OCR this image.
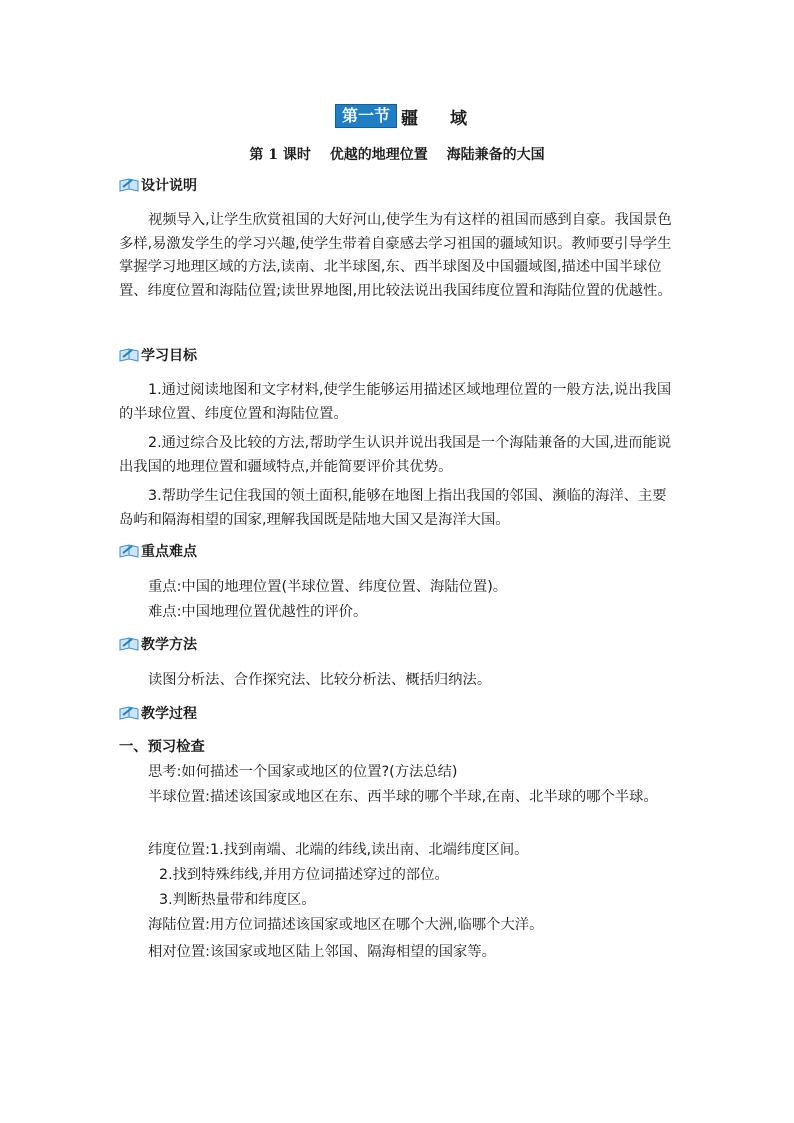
第一节 疆域
第 1 课时 优越的地理位置 海陆兼备的大国
设计说明

视频导入,让学生欣赏祖国的大好河山,使学生为有这样的祖国而感到自豪。我国景色多样,易激发学生的学习兴趣,使学生带着自豪感去学习祖国的疆域知识。教师要引导学生掌握学习地理区域的方法,读南、北半球图,东、西半球图及中国疆域图,描述中国半球位置、纬度位置和海陆位置;读世界地图,用比较法说出我国纬度位置和海陆位置的优越性。

学习目标

1.通过阅读地图和文字材料,使学生能够运用描述区域地理位置的一般方法,说出我国的半球位置、纬度位置和海陆位置。

2.通过综合及比较的方法,帮助学生认识并说出我国是一个海陆兼备的大国,进而能说出我国的地理位置和疆域特点,并能简要评价其优势。

3.帮助学生记住我国的领土面积,能够在地图上指出我国的邻国、濒临的海洋、主要岛屿和隔海相望的国家,理解我国既是陆地大国又是海洋大国。

重点难点
重点:中国的地理位置(半球位置、纬度位置、海陆位置)。
难点:中国地理位置优越性的评价。
教学方法
读图分析法、合作探究法、比较分析法、概括归纳法。
教学过程
一、预习检查
思考:如何描述一个国家或地区的位置?(方法总结)

半球位置:描述该国家或地区在东、西半球的哪个半球,在南、北半球的哪个半球。

纬度位置:1.找到南端、北端的纬线,读出南、北端纬度区间。
2.找到特殊纬线,并用方位词描述穿过的部位。
3.判断热量带和纬度区。
海陆位置:用方位词描述该国家或地区在哪个大洲,临哪个大洋。
相对位置:该国家或地区陆上邻国、隔海相望的国家等。
